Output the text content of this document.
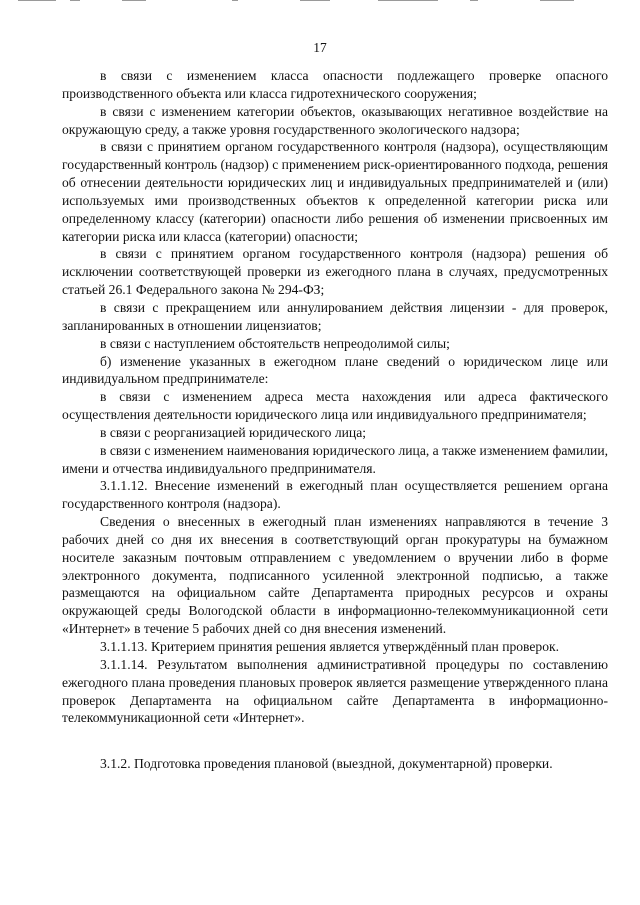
17

в связи с изменением класса опасности подлежащего проверке опасного производственного объекта или класса гидротехнического сооружения;

в связи с изменением категории объектов, оказывающих негативное воздействие на окружающую среду, а также уровня государственного экологического надзора;

в связи с принятием органом государственного контроля (надзора), осуществляющим государственный контроль (надзор) с применением риск-ориентированного подхода, решения об отнесении деятельности юридических лиц и индивидуальных предпринимателей и (или) используемых ими производственных объектов к определенной категории риска или определенному классу (категории) опасности либо решения об изменении присвоенных им категории риска или класса (категории) опасности;

в связи с принятием органом государственного контроля (надзора) решения об исключении соответствующей проверки из ежегодного плана в случаях, предусмотренных статьей 26.1 Федерального закона № 294-ФЗ;

в связи с прекращением или аннулированием действия лицензии - для проверок, запланированных в отношении лицензиатов;

в связи с наступлением обстоятельств непреодолимой силы;

б) изменение указанных в ежегодном плане сведений о юридическом лице или индивидуальном предпринимателе:

в связи с изменением адреса места нахождения или адреса фактического осуществления деятельности юридического лица или индивидуального предпринимателя;

в связи с реорганизацией юридического лица;

в связи с изменением наименования юридического лица, а также изменением фамилии, имени и отчества индивидуального предпринимателя.

3.1.1.12. Внесение изменений в ежегодный план осуществляется решением органа государственного контроля (надзора).

Сведения о внесенных в ежегодный план изменениях направляются в течение 3 рабочих дней со дня их внесения в соответствующий орган прокуратуры на бумажном носителе заказным почтовым отправлением с уведомлением о вручении либо в форме электронного документа, подписанного усиленной электронной подписью, а также размещаются на официальном сайте Департамента природных ресурсов и охраны окружающей среды Вологодской области в информационно-телекоммуникационной сети «Интернет» в течение 5 рабочих дней со дня внесения изменений.

3.1.1.13. Критерием принятия решения является утверждённый план проверок.

3.1.1.14. Результатом выполнения административной процедуры по составлению ежегодного плана проведения плановых проверок является размещение утвержденного плана проверок Департамента на официальном сайте Департамента в информационно-телекоммуникационной сети «Интернет».

3.1.2. Подготовка проведения плановой (выездной, документарной) проверки.
